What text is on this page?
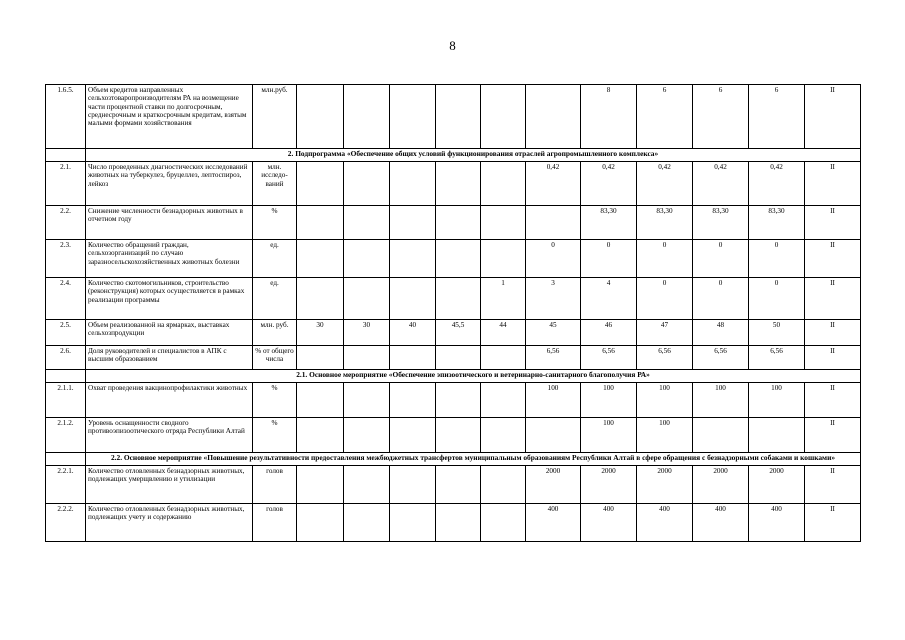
8
1.6.5.	Объем кредитов направленных сельхозтоваропроизводителям РА на возмещение части процентной ставки по долгосрочным, среднесрочным и краткосрочным кредитам, взятым малыми формами хозяйствования	млн.руб.							8	6	6	6	II
	2. Подпрограмма «Обеспечение общих условий функционирования отраслей агропромышленного комплекса»												
2.1.	Число проведенных диагностических исследований животных на туберкулез, бруцеллез, лептоспироз, лейкоз	млн. исследо-ваний						0,42	0,42	0,42	0,42	0,42	II
2.2.	Снижение численности безнадзорных животных в отчетном году	%							83,30	83,30	83,30	83,30	II
2.3.	Количество обращений граждан, сельхозорганизаций по случаю заразносельскохозяйственных животных болезни	ед.						0	0	0	0	0	II
2.4.	Количество скотомогильников, строительство (реконструкция) которых осуществляется в рамках реализации программы	ед.					1	3	4	0	0	0	II
2.5.	Объем реализованной на ярмарках, выставках сельхозпродукции	млн. руб.	30	30	40	45,5	44	45	46	47	48	50	II
2.6.	Доля руководителей и специалистов в АПК с высшим образованием	% от общего числа						6,56	6,56	6,56	6,56	6,56	II
	2.1. Основное мероприятие «Обеспечение эпизоотического и ветеринарно-санитарного благополучия РА»												
2.1.1.	Охват проведения вакцинопрофилактики животных	%						100	100	100	100	100	II
2.1.2.	Уровень оснащенности сводного противоэпизоотического отряда Республики Алтай	%							100	100			II
	2.2. Основное мероприятие «Повышение результативности предоставления межбюджетных трансфертов муниципальным образованиям Республики Алтай в сфере обращения с безнадзорными собаками и кошками»												
2.2.1.	Количество отловленных безнадзорных животных, подлежащих умерщвлению и утилизации	голов						2000	2000	2000	2000	2000	II
2.2.2.	Количество отловленных безнадзорных животных, подлежащих учету и содержанию	голов						400	400	400	400	400	II
